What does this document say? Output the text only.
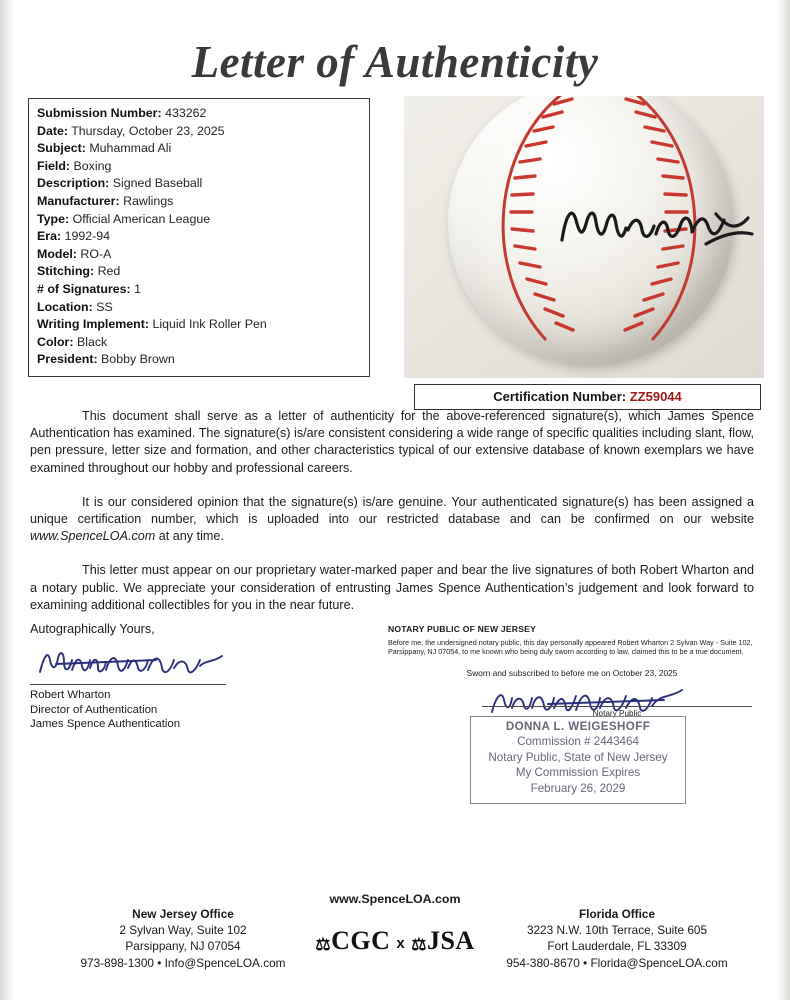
Letter of Authenticity
Submission Number: 433262
Date: Thursday, October 23, 2025
Subject: Muhammad Ali
Field: Boxing
Description: Signed Baseball
Manufacturer: Rawlings
Type: Official American League
Era: 1992-94
Model: RO-A
Stitching: Red
# of Signatures: 1
Location: SS
Writing Implement: Liquid Ink Roller Pen
Color: Black
President: Bobby Brown
Certification Number: ZZ59044

This document shall serve as a letter of authenticity for the above-referenced signature(s), which James Spence Authentication has examined. The signature(s) is/are consistent considering a wide range of specific qualities including slant, flow, pen pressure, letter size and formation, and other characteristics typical of our extensive database of known exemplars we have examined throughout our hobby and professional careers.

It is our considered opinion that the signature(s) is/are genuine. Your authenticated signature(s) has been assigned a unique certification number, which is uploaded into our restricted database and can be confirmed on our website www.SpenceLOA.com at any time.

This letter must appear on our proprietary water-marked paper and bear the live signatures of both Robert Wharton and a notary public. We appreciate your consideration of entrusting James Spence Authentication’s judgement and look forward to examining additional collectibles for you in the near future.

Autographically Yours,
Robert Wharton
Director of Authentication
James Spence Authentication
NOTARY PUBLIC OF NEW JERSEY
Before me, the undersigned notary public, this day personally appeared Robert Wharton 2 Sylvan Way - Suite 102, Parsippany, NJ 07054, to me known who being duly sworn according to law, claimed this to be a true document.
Sworn and subscribed to before me on October 23, 2025
Notary Public
DONNA L. WEIGESHOFF
Commission # 2443464
Notary Public, State of New Jersey
My Commission Expires
February 26, 2029
www.SpenceLOA.com
⚖CGC x ⚖JSA
New Jersey Office
2 Sylvan Way, Suite 102
Parsippany, NJ 07054
973-898-1300 • Info@SpenceLOA.com
Florida Office
3223 N.W. 10th Terrace, Suite 605
Fort Lauderdale, FL 33309
954-380-8670 • Florida@SpenceLOA.com
